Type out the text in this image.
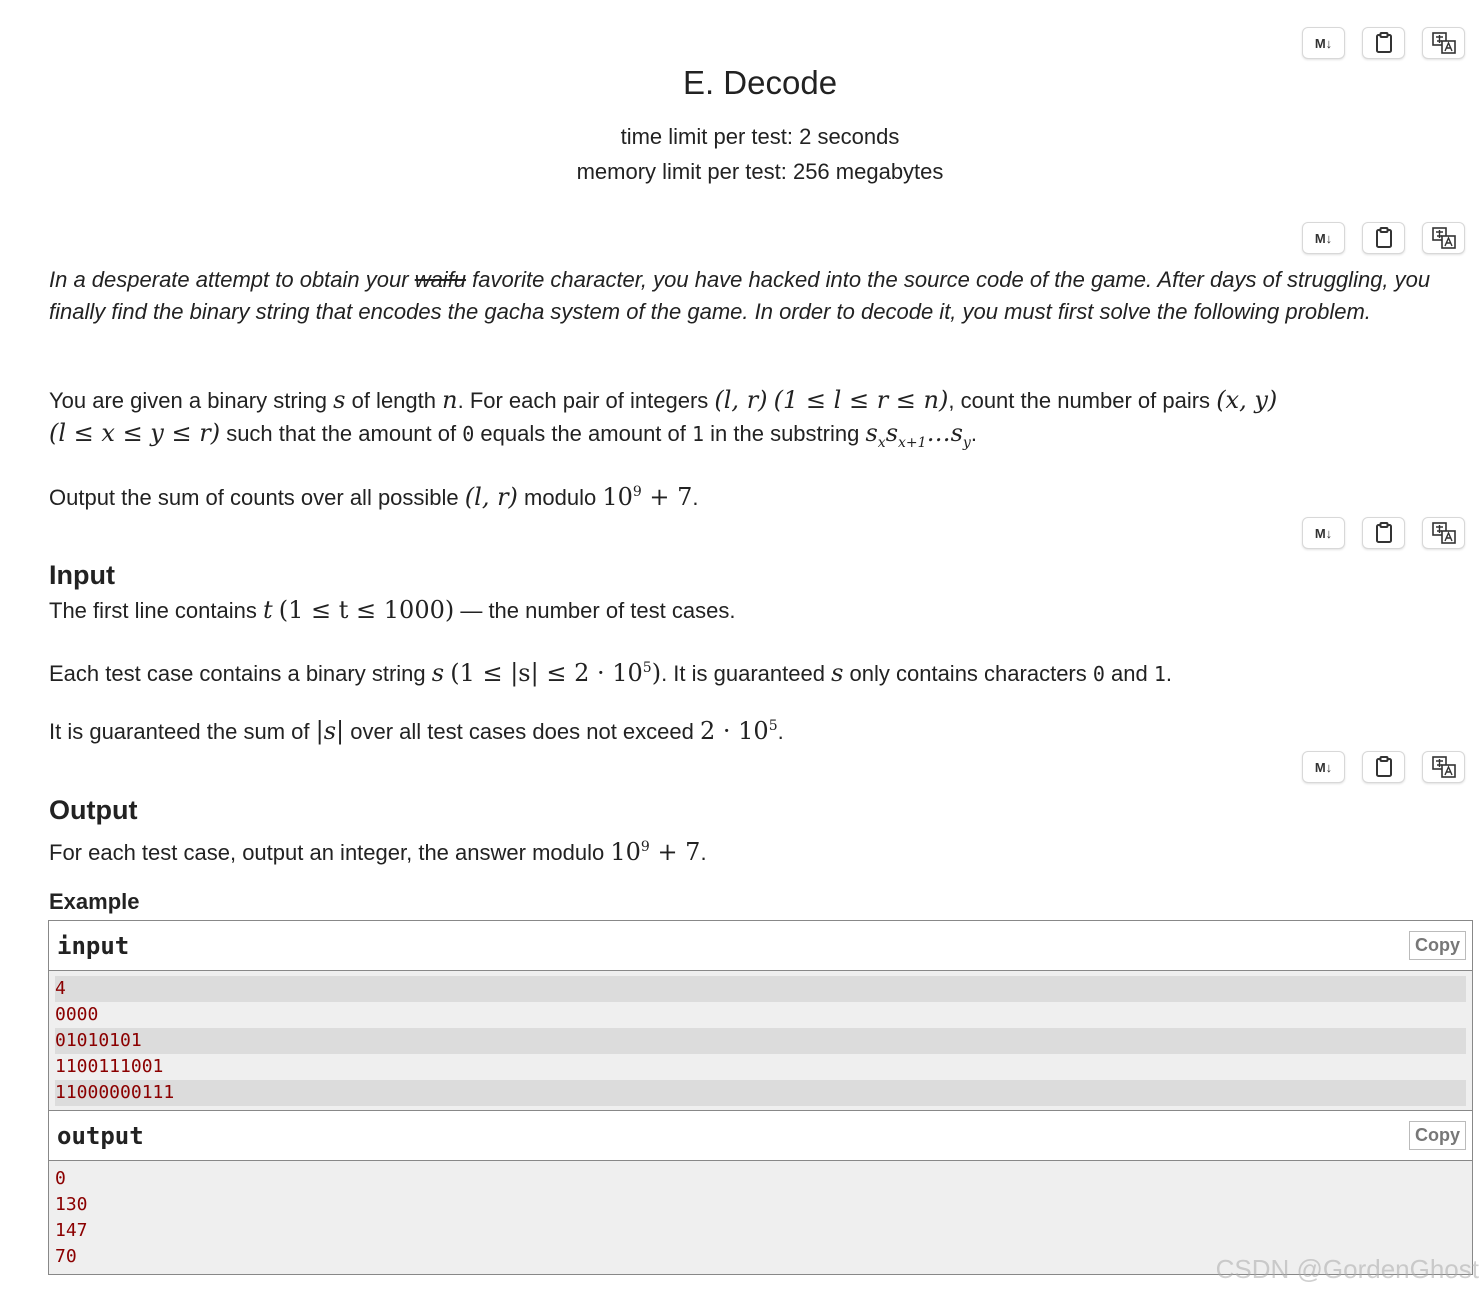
M↓
E. Decode
time limit per test: 2 seconds
memory limit per test: 256 megabytes
M↓
In a desperate attempt to obtain your waifu favorite character, you have hacked into the source code of the game. After days of struggling, you finally find the binary string that encodes the gacha system of the game. In order to decode it, you must first solve the following problem.
You are given a binary string s of length n. For each pair of integers (l, r) (1 ≤ l ≤ r ≤ n), count the number of pairs (x, y)
(l ≤ x ≤ y ≤ r) such that the amount of 0 equals the amount of 1 in the substring $s_xs_{x+1}\dots s_y$.
Output the sum of counts over all possible (l, r) modulo $10^9 + 7$.
M↓
Input
The first line contains t (1 ≤ t ≤ 1000) — the number of test cases.
Each test case contains a binary string s $(1 \le |s| \le 2 \cdot 10^5)$. It is guaranteed s only contains characters 0 and 1.
It is guaranteed the sum of |s| over all test cases does not exceed $2 \cdot 10^5$.
M↓
Output
For each test case, output an integer, the answer modulo $10^9 + 7$.
Example
input	Copy
4
0000
01010101
1100111001
11000000111
output	Copy
0
130
147
70	CSDN @GordenGhost
